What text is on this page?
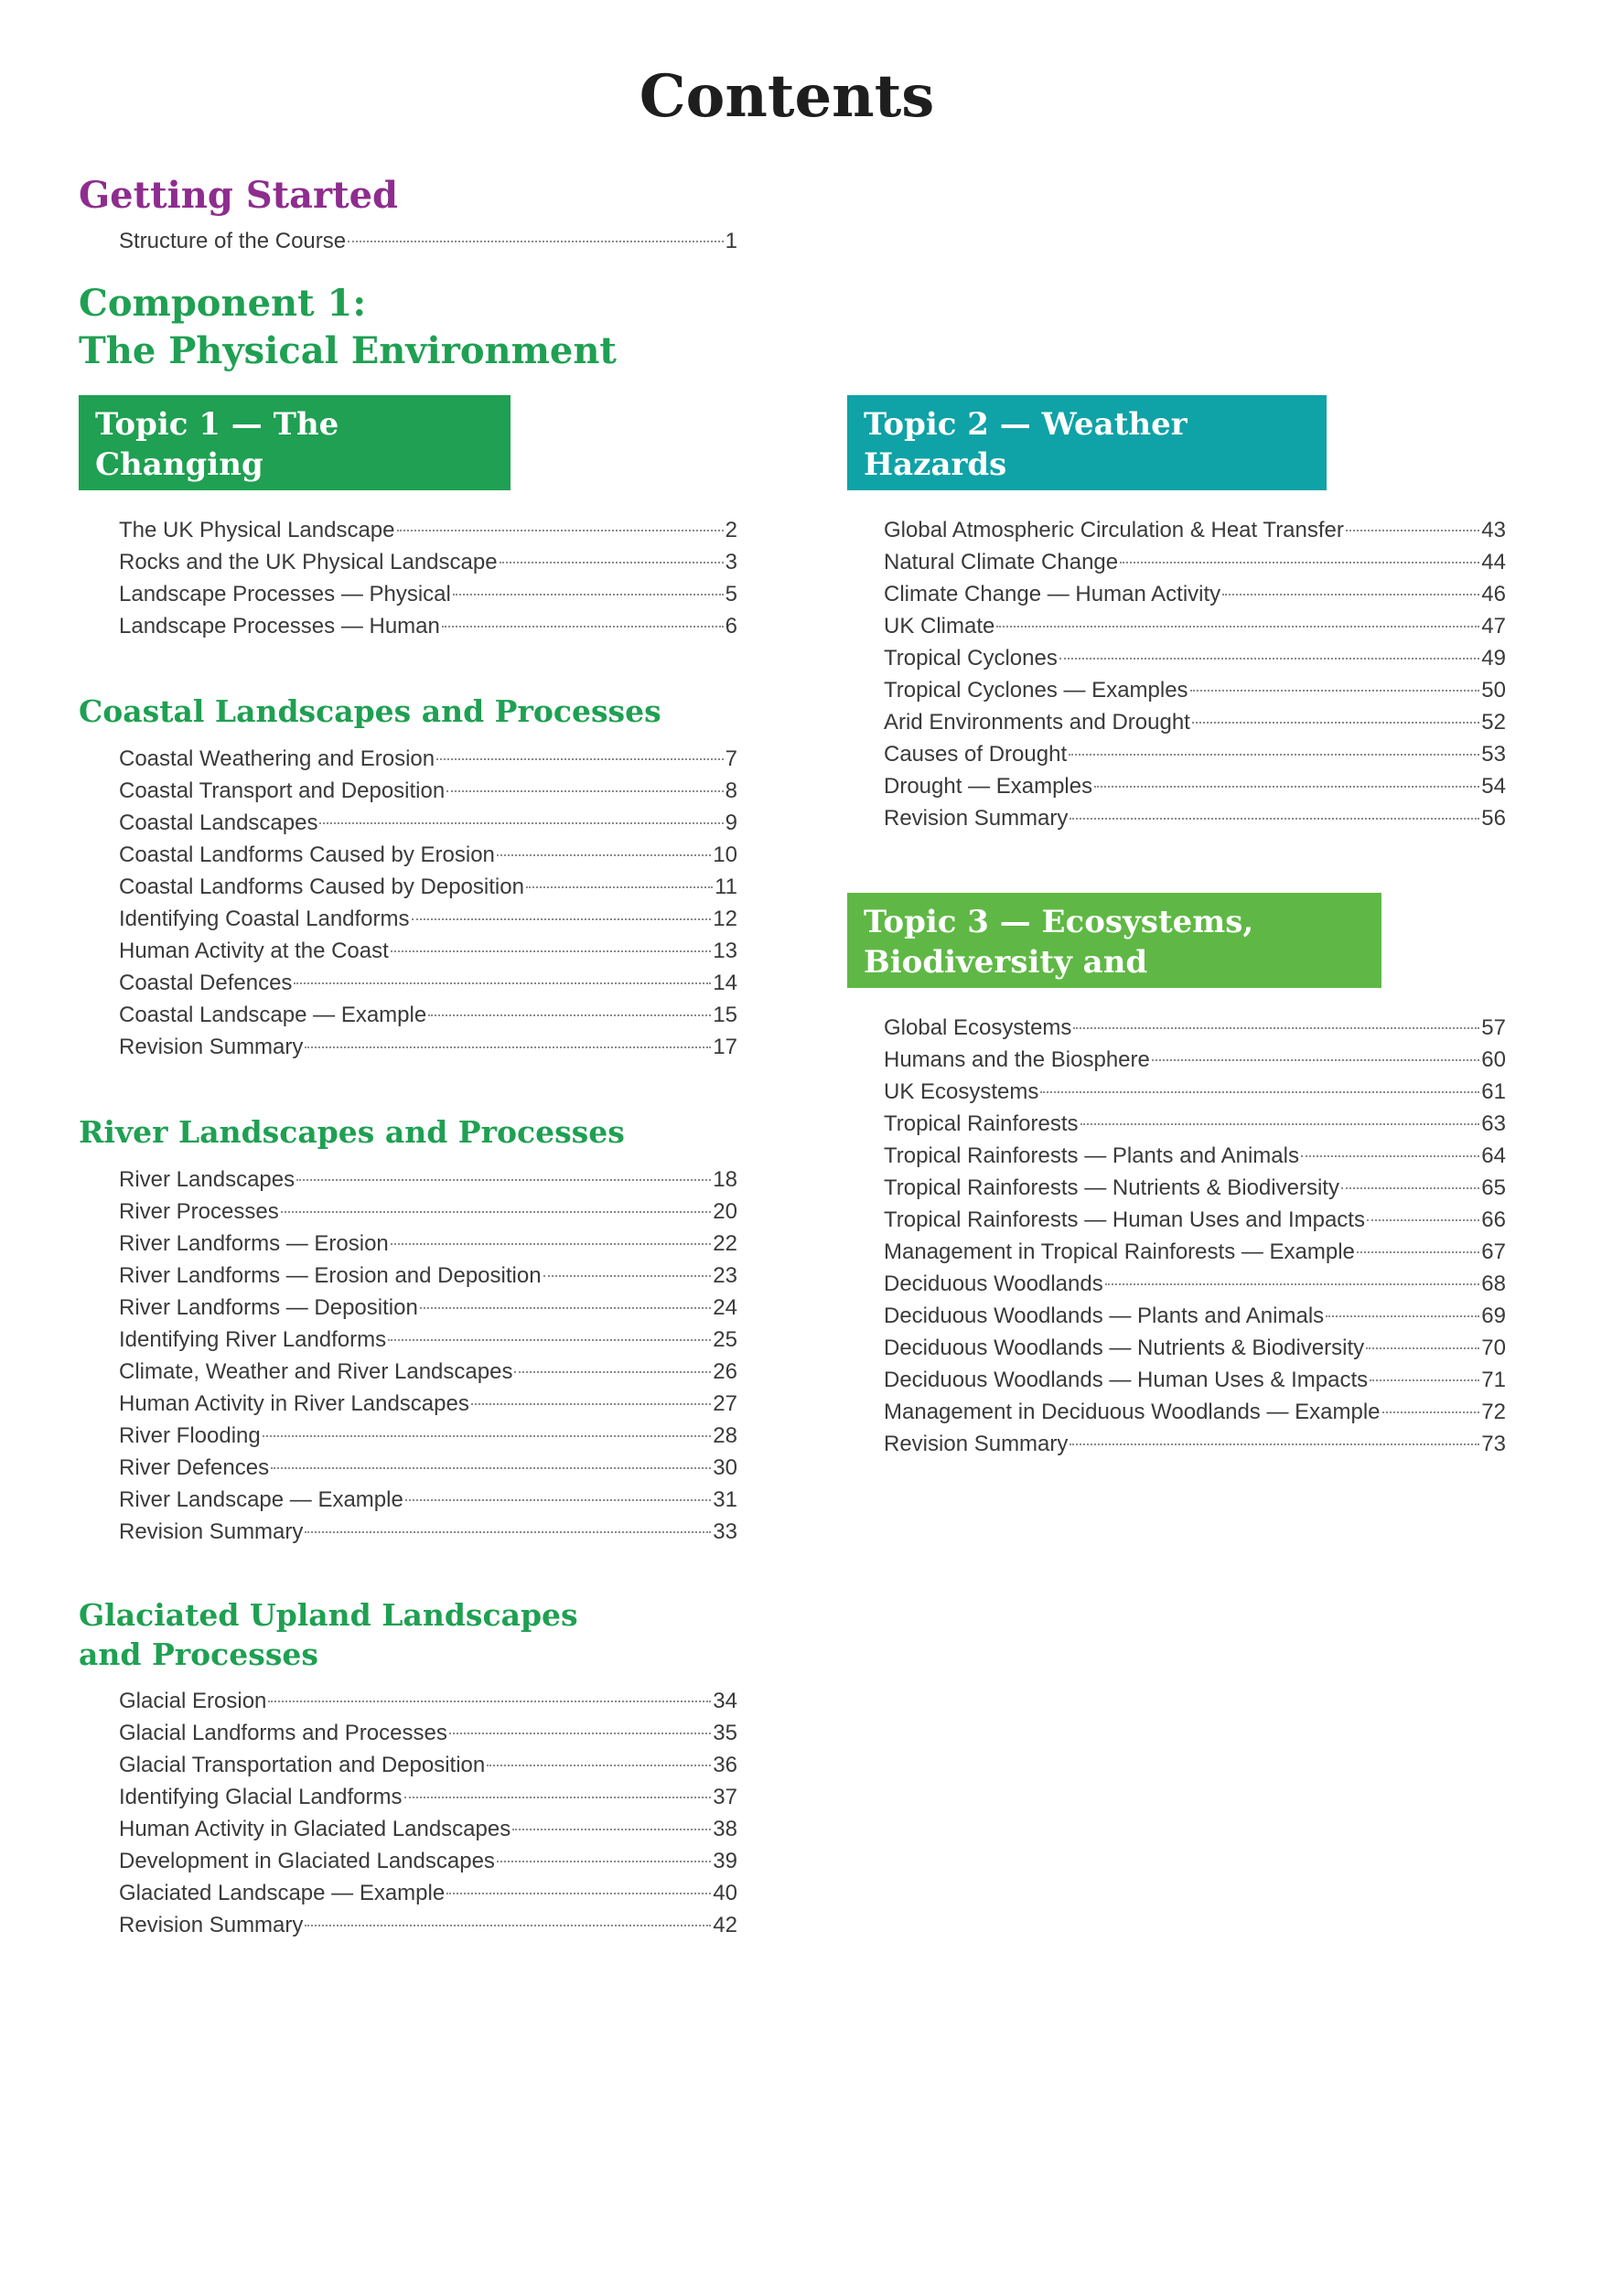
Contents
Getting Started
Structure of the Course	1
Component 1:
The Physical Environment
Topic 1 — The Changing
Landscapes of the UK
The UK Physical Landscape	2
Rocks and the UK Physical Landscape	3
Landscape Processes — Physical	5
Landscape Processes — Human	6
Coastal Landscapes and Processes
Coastal Weathering and Erosion	7
Coastal Transport and Deposition	8
Coastal Landscapes	9
Coastal Landforms Caused by Erosion	10
Coastal Landforms Caused by Deposition	11
Identifying Coastal Landforms	12
Human Activity at the Coast	13
Coastal Defences	14
Coastal Landscape — Example	15
Revision Summary	17
River Landscapes and Processes
River Landscapes	18
River Processes	20
River Landforms — Erosion	22
River Landforms — Erosion and Deposition	23
River Landforms — Deposition	24
Identifying River Landforms	25
Climate, Weather and River Landscapes	26
Human Activity in River Landscapes	27
River Flooding	28
River Defences	30
River Landscape — Example	31
Revision Summary	33
Glaciated Upland Landscapes
and Processes
Glacial Erosion	34
Glacial Landforms and Processes	35
Glacial Transportation and Deposition	36
Identifying Glacial Landforms	37
Human Activity in Glaciated Landscapes	38
Development in Glaciated Landscapes	39
Glaciated Landscape — Example	40
Revision Summary	42
Topic 2 — Weather Hazards
and Climate Change
Global Atmospheric Circulation & Heat Transfer	43
Natural Climate Change	44
Climate Change — Human Activity	46
UK Climate	47
Tropical Cyclones	49
Tropical Cyclones — Examples	50
Arid Environments and Drought	52
Causes of Drought	53
Drought — Examples	54
Revision Summary	56
Topic 3 — Ecosystems,
Biodiversity and Management
Global Ecosystems	57
Humans and the Biosphere	60
UK Ecosystems	61
Tropical Rainforests	63
Tropical Rainforests — Plants and Animals	64
Tropical Rainforests — Nutrients & Biodiversity	65
Tropical Rainforests — Human Uses and Impacts	66
Management in Tropical Rainforests — Example	67
Deciduous Woodlands	68
Deciduous Woodlands — Plants and Animals	69
Deciduous Woodlands — Nutrients & Biodiversity	70
Deciduous Woodlands — Human Uses & Impacts	71
Management in Deciduous Woodlands — Example	72
Revision Summary	73
